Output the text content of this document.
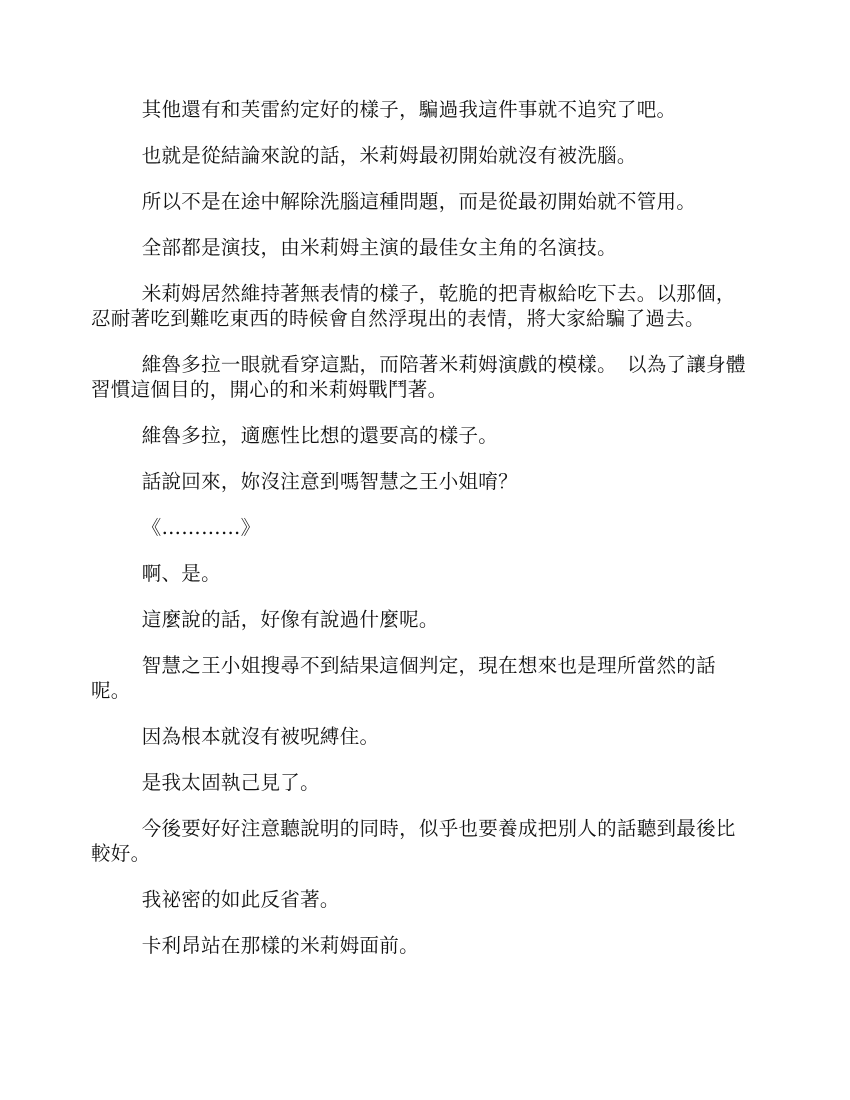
其他還有和芙雷約定好的樣子，騙過我這件事就不追究了吧。

也就是從結論來說的話，米莉姆最初開始就沒有被洗腦。

所以不是在途中解除洗腦這種問題，而是從最初開始就不管用。

全部都是演技，由米莉姆主演的最佳女主角的名演技。

米莉姆居然維持著無表情的樣子，乾脆的把青椒給吃下去。以那個，忍耐著吃到難吃東西的時候會自然浮現出的表情，將大家給騙了過去。

維魯多拉一眼就看穿這點，而陪著米莉姆演戲的模樣。　以為了讓身體習慣這個目的，開心的和米莉姆戰鬥著。

維魯多拉，適應性比想的還要高的樣子。

話說回來，妳沒注意到嗎智慧之王小姐唷？

《…………》

啊、是。

這麼說的話，好像有說過什麼呢。

智慧之王小姐搜尋不到結果這個判定，現在想來也是理所當然的話呢。

因為根本就沒有被呪縛住。

是我太固執己見了。

今後要好好注意聽說明的同時，似乎也要養成把別人的話聽到最後比較好。

我祕密的如此反省著。

卡利昂站在那樣的米莉姆面前。
